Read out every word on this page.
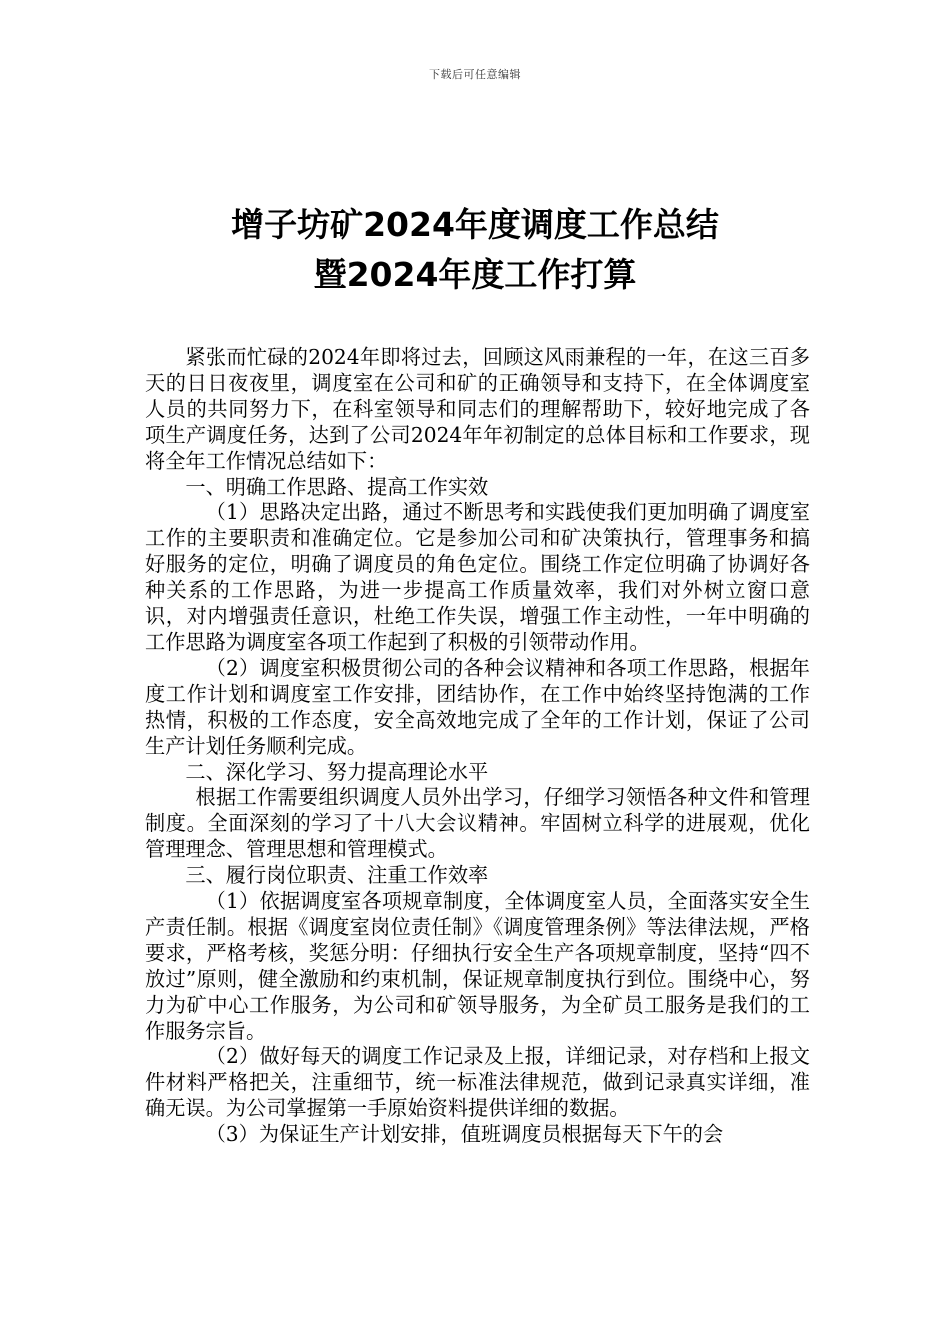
下载后可任意编辑
增子坊矿2024年度调度工作总结
暨2024年度工作打算

紧张而忙碌的2024年即将过去，回顾这风雨兼程的一年，在这三百多天的日日夜夜里，调度室在公司和矿的正确领导和支持下，在全体调度室人员的共同努力下，在科室领导和同志们的理解帮助下，较好地完成了各项生产调度任务，达到了公司2024年年初制定的总体目标和工作要求，现将全年工作情况总结如下：

一、明确工作思路、提高工作实效

（1）思路决定出路，通过不断思考和实践使我们更加明确了调度室工作的主要职责和准确定位。它是参加公司和矿决策执行，管理事务和搞好服务的定位，明确了调度员的角色定位。围绕工作定位明确了协调好各种关系的工作思路，为进一步提高工作质量效率，我们对外树立窗口意识，对内增强责任意识，杜绝工作失误，增强工作主动性，一年中明确的工作思路为调度室各项工作起到了积极的引领带动作用。

（2）调度室积极贯彻公司的各种会议精神和各项工作思路，根据年度工作计划和调度室工作安排，团结协作，在工作中始终坚持饱满的工作热情，积极的工作态度，安全高效地完成了全年的工作计划，保证了公司生产计划任务顺利完成。

二、深化学习、努力提高理论水平

根据工作需要组织调度人员外出学习，仔细学习领悟各种文件和管理制度。全面深刻的学习了十八大会议精神。牢固树立科学的进展观，优化管理理念、管理思想和管理模式。

三、履行岗位职责、注重工作效率

（1）依据调度室各项规章制度，全体调度室人员，全面落实安全生产责任制。根据《调度室岗位责任制》《调度管理条例》等法律法规，严格要求，严格考核，奖惩分明：仔细执行安全生产各项规章制度，坚持“四不放过”原则，健全激励和约束机制，保证规章制度执行到位。围绕中心，努力为矿中心工作服务，为公司和矿领导服务，为全矿员工服务是我们的工作服务宗旨。

（2）做好每天的调度工作记录及上报，详细记录，对存档和上报文件材料严格把关，注重细节，统一标准法律规范，做到记录真实详细，准确无误。为公司掌握第一手原始资料提供详细的数据。

（3）为保证生产计划安排，值班调度员根据每天下午的会
